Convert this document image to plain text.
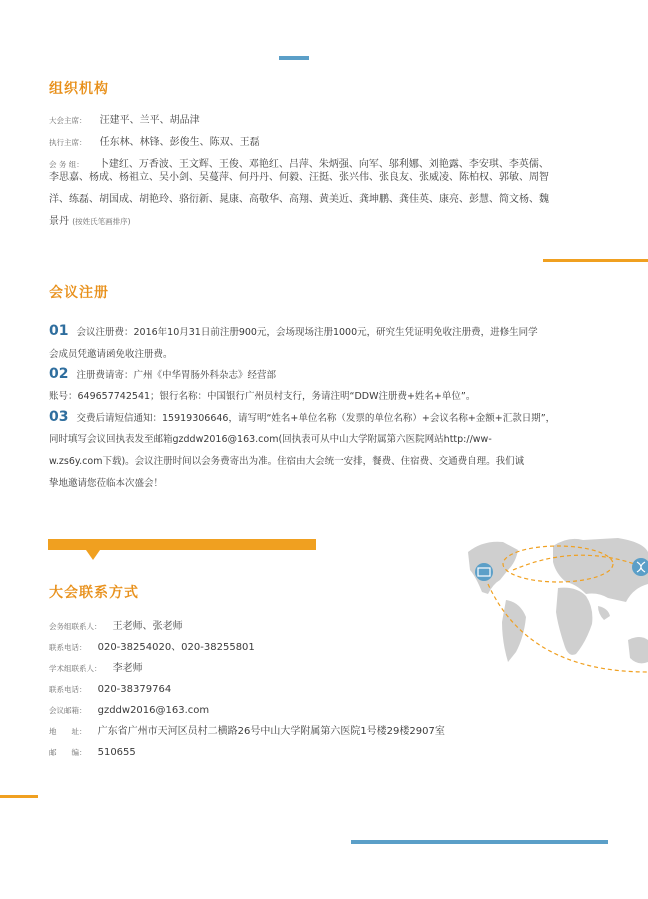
组织机构
大会主席： 汪建平、兰平、胡品津
执行主席： 任东林、林锋、彭俊生、陈双、王磊
会 务 组： 卜建红、万香波、王文辉、王俊、邓艳红、吕萍、朱炳强、向军、邬利娜、刘艳露、李安琪、李英儒、
李思嘉、杨成、杨祖立、吴小剑、吴蔓萍、何丹丹、何毅、汪挺、张兴伟、张良友、张威凌、陈柏权、郭敏、周智
洋、练磊、胡国成、胡艳玲、骆衍新、晁康、高敬华、高翔、黄美近、龚坤鹏、龚佳英、康亮、彭慧、简文杨、魏
景丹 (按姓氏笔画排序)
会议注册
01 会议注册费：2016年10月31日前注册900元，会场现场注册1000元，研究生凭证明免收注册费，进修生同学
会成员凭邀请函免收注册费。
02 注册费请寄：广州《中华胃肠外科杂志》经营部
账号：649657742541；银行名称：中国银行广州员村支行，务请注明“DDW注册费+姓名+单位”。
03 交费后请短信通知：15919306646，请写明“姓名+单位名称（发票的单位名称）+会议名称+金额+汇款日期”，
同时填写会议回执表发至邮箱gzddw2016@163.com(回执表可从中山大学附属第六医院网站http://ww-
w.zs6y.com下载)。会议注册时间以会务费寄出为准。住宿由大会统一安排，餐费、住宿费、交通费自理。我们诚
挚地邀请您莅临本次盛会！
大会联系方式
会务组联系人： 王老师、张老师
联系电话： 020-38254020、020-38255801
学术组联系人： 李老师
联系电话： 020-38379764
会议邮箱： gzddw2016@163.com
地　　址： 广东省广州市天河区员村二横路26号中山大学附属第六医院1号楼29楼2907室
邮　　编： 510655
